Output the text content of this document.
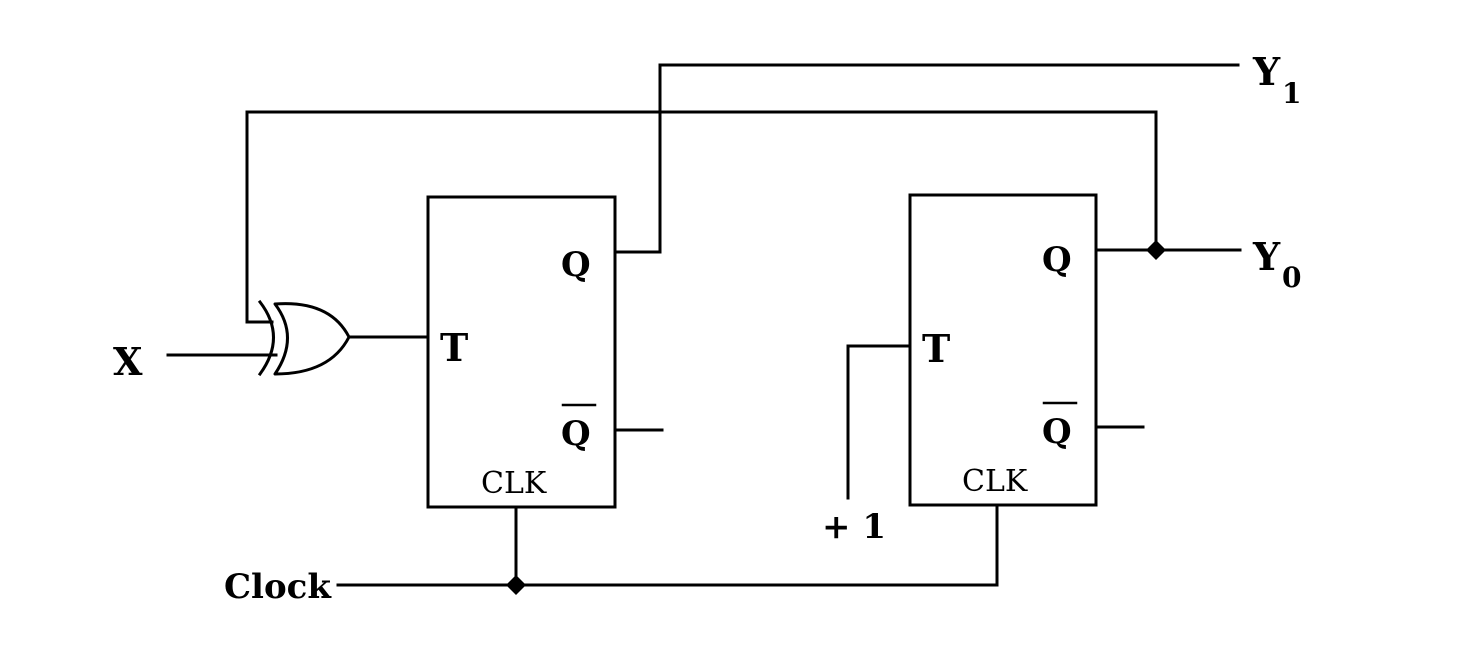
T
Q
Q
CLK
T
Q
Q
CLK
X
Clock
+ 1
Y 1
Y 0
